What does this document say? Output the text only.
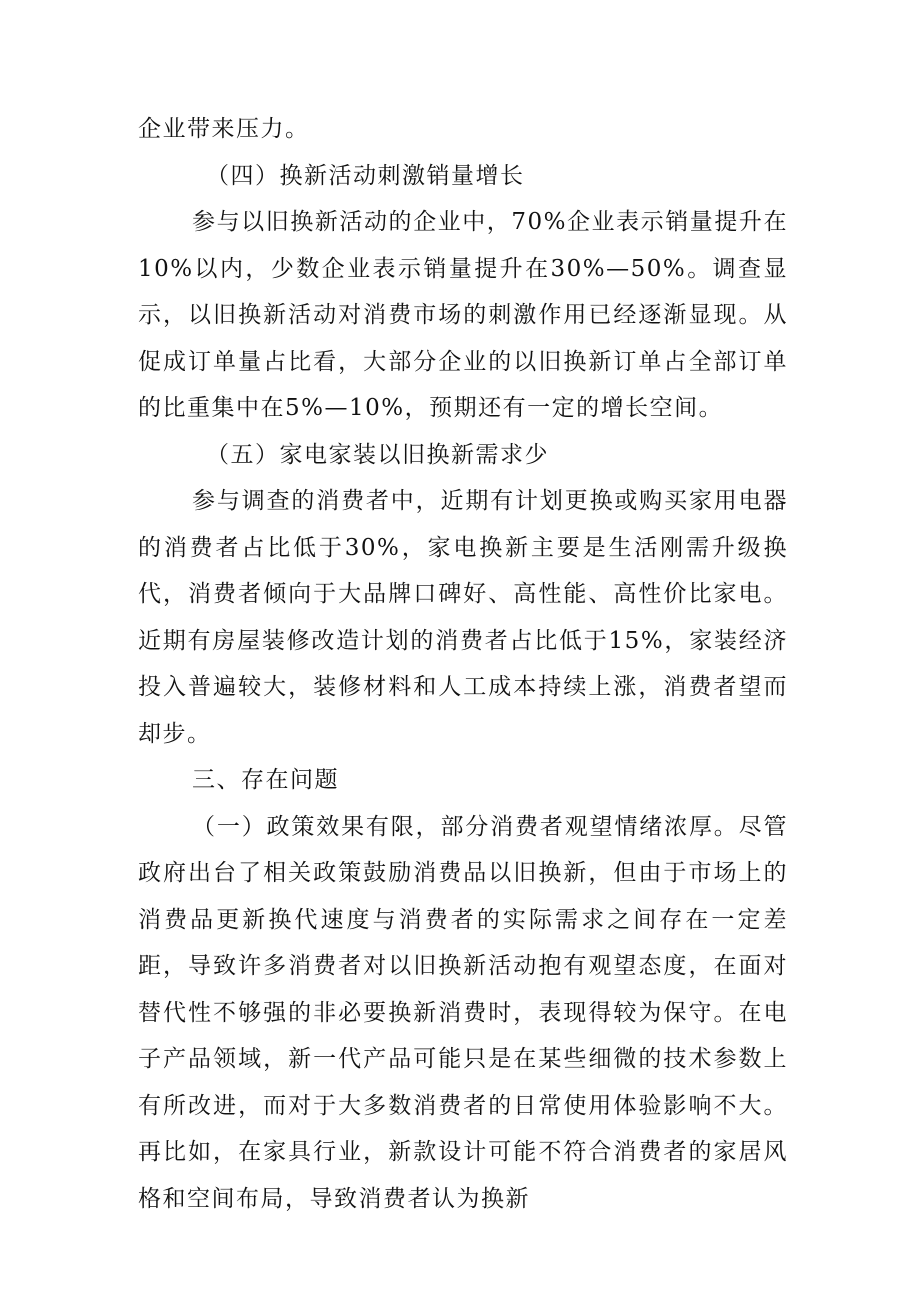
企业带来压力。

（四）换新活动刺激销量增长

参与以旧换新活动的企业中，70%企业表示销量提升在10%以内，少数企业表示销量提升在30%—50%。调查显示，以旧换新活动对消费市场的刺激作用已经逐渐显现。从促成订单量占比看，大部分企业的以旧换新订单占全部订单的比重集中在5%—10%，预期还有一定的增长空间。

（五）家电家装以旧换新需求少

参与调查的消费者中，近期有计划更换或购买家用电器的消费者占比低于30%，家电换新主要是生活刚需升级换代，消费者倾向于大品牌口碑好、高性能、高性价比家电。近期有房屋装修改造计划的消费者占比低于15%，家装经济投入普遍较大，装修材料和人工成本持续上涨，消费者望而却步。

三、存在问题

（一）政策效果有限，部分消费者观望情绪浓厚。尽管政府出台了相关政策鼓励消费品以旧换新，但由于市场上的消费品更新换代速度与消费者的实际需求之间存在一定差距，导致许多消费者对以旧换新活动抱有观望态度，在面对替代性不够强的非必要换新消费时，表现得较为保守。在电子产品领域，新一代产品可能只是在某些细微的技术参数上有所改进，而对于大多数消费者的日常使用体验影响不大。再比如，在家具行业，新款设计可能不符合消费者的家居风格和空间布局，导致消费者认为换新
